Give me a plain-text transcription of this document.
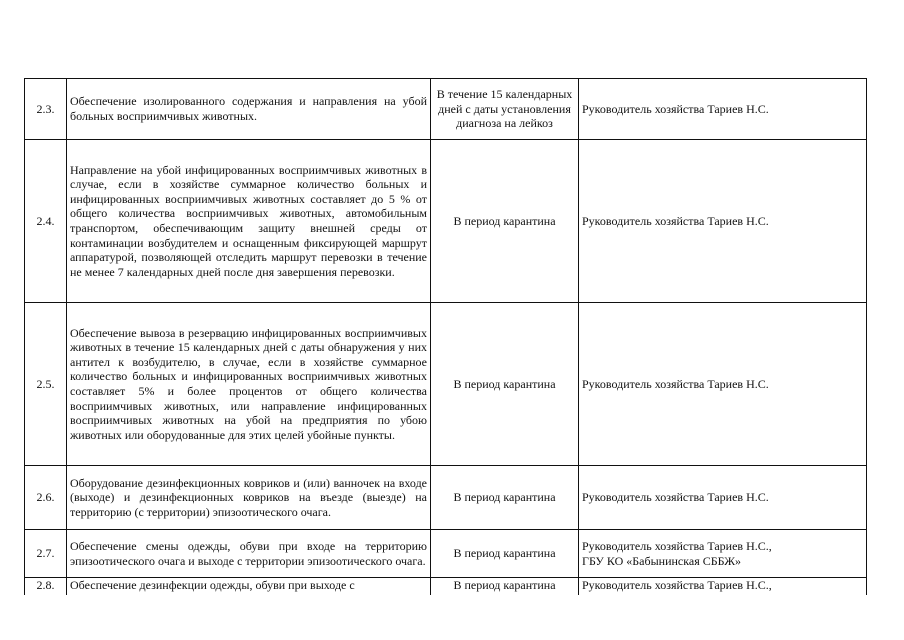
2.3.	Обеспечение изолированного содержания и направления на убой больных восприимчивых животных.	В течение 15 календарных дней с даты установления диагноза на лейкоз	Руководитель хозяйства Тариев Н.С.

2.4.	Направление на убой инфицированных восприимчивых животных в случае, если в хозяйстве суммарное количество больных и инфицированных восприимчивых животных составляет до 5 % от общего количества восприимчивых животных, автомобильным транспортом, обеспечивающим защиту внешней среды от контаминации возбудителем и оснащенным фиксирующей маршрут аппаратурой, позволяющей отследить маршрут перевозки в течение не менее 7 календарных дней после дня завершения перевозки.	В период карантина	Руководитель хозяйства Тариев Н.С.

2.5.	Обеспечение вывоза в резервацию инфицированных восприимчивых животных в течение 15 календарных дней с даты обнаружения у них антител к возбудителю, в случае, если в хозяйстве суммарное количество больных и инфицированных восприимчивых животных составляет 5% и более процентов от общего количества восприимчивых животных, или направление инфицированных восприимчивых животных на убой на предприятия по убою животных или оборудованные для этих целей убойные пункты.	В период карантина	Руководитель хозяйства Тариев Н.С.

2.6.	Оборудование дезинфекционных ковриков и (или) ванночек на входе (выходе) и дезинфекционных ковриков на въезде (выезде) на территорию (с территории) эпизоотического очага.	В период карантина	Руководитель хозяйства Тариев Н.С.

2.7.	Обеспечение смены одежды, обуви при входе на территорию эпизоотического очага и выходе с территории эпизоотического очага.	В период карантина	Руководитель хозяйства Тариев Н.С.,
ГБУ КО «Бабынинская СББЖ»

2.8.	Обеспечение дезинфекции одежды, обуви при выходе с	В период карантина	Руководитель хозяйства Тариев Н.С.,
